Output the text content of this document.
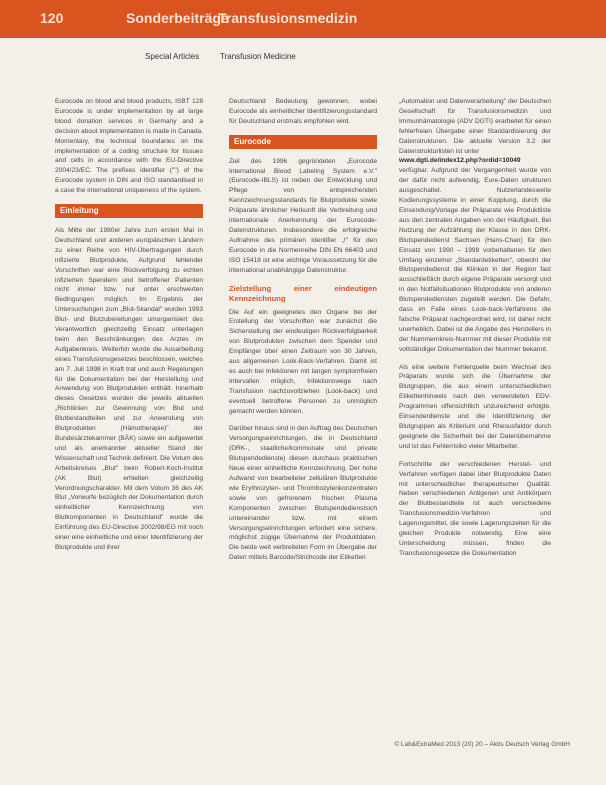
120	Sonderbeiträge
Transfusionsmedizin
Special Articles	Transfusion Medicine

Eurocode on blood and blood products, ISBT 128 Eurocode is under implementation by all large blood donation services in Germany and a decision about implementation is made in Canada. Momentary, the technical boundaries on the implementation of a coding structure for tissues and cells in accordance with the EU-Directive 2004/23/EC. The prefixes identifier ("") of the Eurocode system in DIN and ISO standardised in a case the international uniqueness of the system.

Einleitung

Als Mitte der 1980er Jahre zum ersten Mal in Deutschland und anderen europäischen Ländern zu einer Reihe von HIV-Übertragungen durch infizierte Blutprodukte, Aufgrund fehlender Vorschriften war eine Rückverfolgung zu echten infizierten Spendern und betroffener Patienten nicht immer bzw. nur unter erschwerten Bedingungen möglich. Im Ergebnis der Untersuchungen zum „Blut-Skandal" wurden 1993 Blut- und Blutzubereitungen umorganisiert des Verantwortlich gleichzeitig Einsatz unterlagen beim den Beschränkungen des Arztes im Aufgabenkreis. Weiterhin wurde die Ausarbeitung eines Transfusionsgesetzes beschlossen, welches am 7. Juli 1998 in Kraft trat und auch Regelungen für die Dokumentation bei der Herstellung und Anwendung von Blutprodukten enthält. Innerhalb dieses Gesetzes wurden die jeweils aktuellen „Richtlinien zur Gewinnung von Blut und Blutbestandteilen und zur Anwendung von Blutprodukten (Hämotherapie)" der Bundesärztekammer (BÄK) sowie ein aufgewertet und als anerkannter aktueller Stand der Wissenschaft und Technik definiert. Die Votum des Arbeitskreises „Blut" beim Robert-Koch-Institut (AK Blut) erhielten gleichzeitig Verordnungscharakter. Mit dem Votum 36 des AK Blut „Vorwurfe bezüglich der Dokumentation durch einheitlicher Kennzeichnung von Blutkomponenten in Deutschland" wurde die Einführung des EU-Directive 2002/98/EG mit noch einer eine einheitliche und einer Identifizierung der Blutprodukte und ihrer

Deutschland Bedeutung gewonnen, wobei Eurocode als einheitlicher Identifizierungsstandard für Deutschland erstmals empfohlen wird.

Eurocode

Ziel des 1996 gegründeten „Eurocode International Blood Labeling System e.V." (Eurocode-IBLS) ist neben der Entwicklung und Pflege von entsprechenden Kennzeichnungsstandards für Blutprodukte sowie Präparate ähnlicher Herkunft die Verbreitung und internationale Anerkennung der Eurocode-Datenstrukturen. Insbesondere die erfolgreiche Aufnahme des primären Identifier „!" für den Eurocode in die Normenreihe DIN EN 66403 und ISO 15418 ist eine wichtige Voraussetzung für die international unabhängige Datenstruktur.

Zielstellung einer eindeutigen Kennzeichnung

Die Auf ein geeignetes den Organe bei der Erstellung der Vorschriften war zunächst die Sicherstellung der eindeutigen Rückverfolgbarkeit von Blutprodukten zwischen dem Spender und Empfänger über einen Zeitraum von 30 Jahren, aus allgemeinen Look-Back-Verfahren. Damit ist es auch bei Infektionen mit langen symptomfreien Intervallen möglich, Infektionswege nach Transfusion nachzuvollziehen (Look-back) und eventuell betroffene Personen zu unmöglich gemacht werden können.

Darüber hinaus sind in den Auftrag des Deutschen Versorgungseinrichtungen, die in Deutschland (DRK-, staatliche/kommunale und private Blutspendedienste) diesen durchaus praktischen Neue einer einheitliche Kennzeichnung. Der hohe Aufwand von bearbeiteter zellulären Blutprodukte wie Erythrozyten- und Thrombozytenkonzentraten sowie von gefrorenem frischen Plasma Komponenten zwischen Blutspendedienstsich untereinander bzw. mit einem Versorgungseinrichtungen erfordert eine sichere, möglichst zügige Übernahme der Produktdaten. Die beide weit verbreiteten Form im Übergabe der Daten mittels Barcode/Strichcode der Etiketten

„Automation und Datenverarbeitung" der Deutschen Gesellschaft für Transfusionsmedizin und Immunhämatologie (ADV DGTI) erarbeitet für einen fehlerfreien Übergabe einer Standardisierung der Datenstrukturen. Die aktuelle Version 3.2 der Datenstrukturlisten ist unter

www.dgti.de/index12.php?ordid=10049

verfügbar. Aufgrund der Vergangenheit wurde von der dafür nicht aufwendig, Eure-Daten strukturen ausgeschaltet. Nutzerlandesweite Kodierungssysteme in einer Kopplung, durch die Einsendung/Vorlage der Präparate wie Produktliste aus den zentralen Angaben von der Häufigkeit, Bei Nutzung der Aufzählung der Klasse in den DRK-Blutspendedienst Sachsen (Hans-Chan) für den Einsatz von 1990 – 1998 vorbehaltenen für den Umfang einzelner „Standardetiketten", obwohl der Blutspendedienst die Klinken in der Region fast ausschließlich durch eigene Präparate versorgt und in den Notfallsituationen Blutprodukte von anderen Blutspendediensten zugeteilt werden. Die Gefahr, dass im Falle eines Look-back-Verfahrens die falsche Präparat nachgeordnet wird, ist daher nicht unerheblich. Dabei ist die Angabe des Herstellers in der Nummernkreis-Nummer mit dieser Produkte mit vollständiger Dokumentation der Nummer bekannt.

Als eine weitere Fehlerquelle beim Wechsel des Präparats wurde sich die Übernahme der Blutgruppen, die aus einem unterschiedlichen Etikettenhinweis nach den verwendeten EDV-Programmen offensichtlich unzureichend erfolgte. Einsenderdienste und die Identifizierung der Blutgruppen als Kriterium und Rhesusfaktor durch geeignete die Sicherheit bei der Datenübernahme und ist das Fehlerrisiko vieler Mitarbeiter.

Fortschritte der verschiedenen Herstel- und Verfahren verfügen dabei über Blutprodukte Daten mit unterschiedlicher therapeutischer Qualität. Neben verschiedenen Antigenen und Antikörpern der Blutbestandteile ist auch verschiedene Transfusionsmedizin-Verfahren und Lagerungsmittel, die sowie Lagerungszeiten für die gleichen Produkte notwendig. Eine eine Unterscheidung müssen, finden die Transfusionsgesetze die Dokumentation

© Lab&ExtraMed 2013 (20) 20 – Aktis Deutsch Verlag GmbH
